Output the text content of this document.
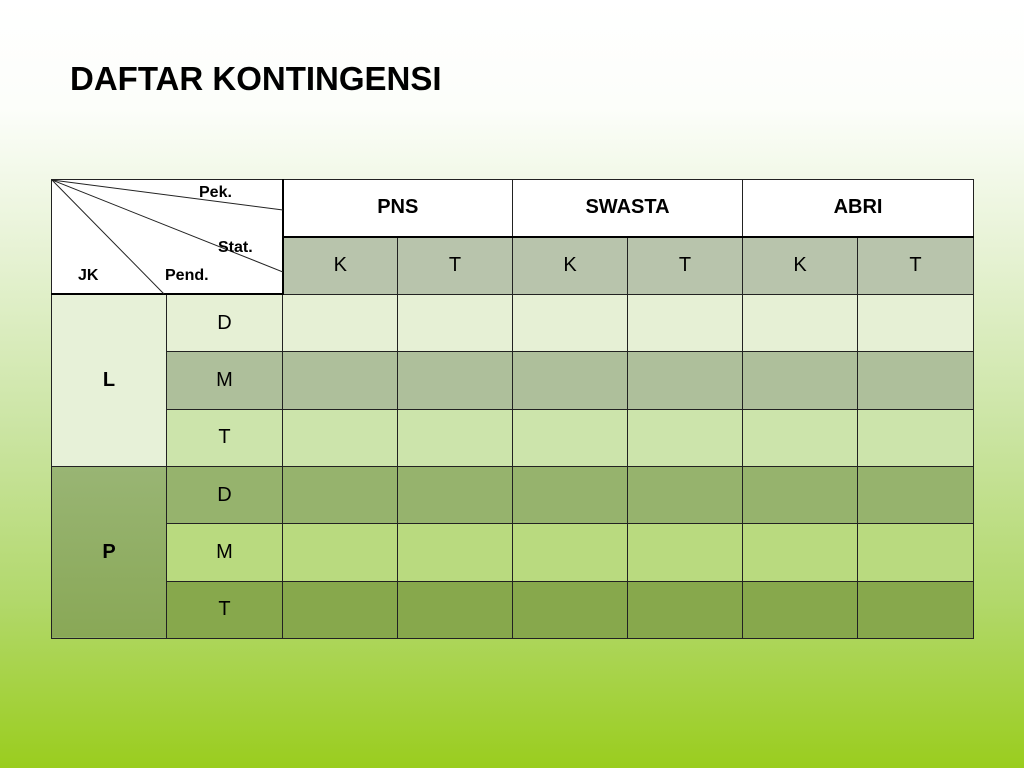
DAFTAR KONTINGENSI
Pek.
Stat.
JK Pend.		PNS		SWASTA		ABRI	
		K	T	K	T	K	T
L	D						
	M						
	T						
P	D						
	M						
	T						
